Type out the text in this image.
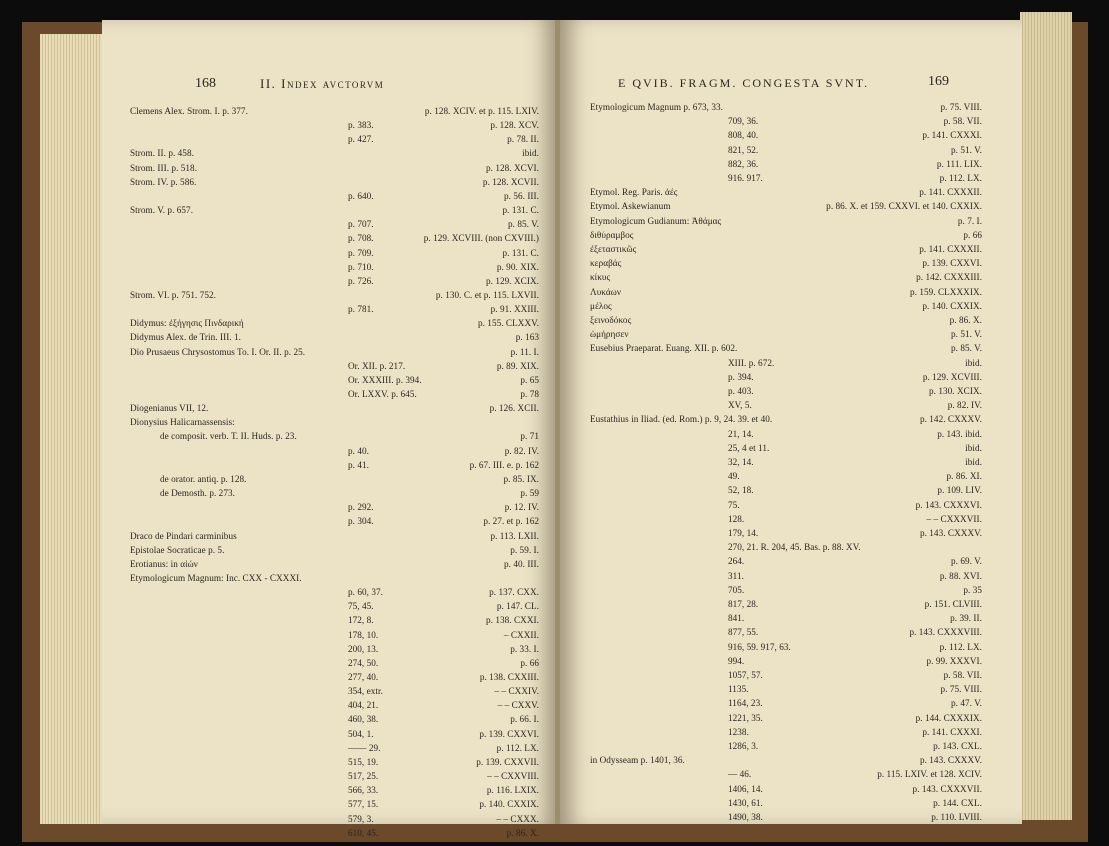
168	II. Index avctorvm
Clemens Alex. Strom. I. p. 377.	p. 128. XCIV. et p. 115. LXIV.
p. 383.	p. 128. XCV.
p. 427.	p. 78. II.
Strom. II. p. 458.	ibid.
Strom. III. p. 518.	p. 128. XCVI.
Strom. IV. p. 586.	p. 128. XCVII.
p. 640.	p. 56. III.
Strom. V. p. 657.	p. 131. C.
p. 707.	p. 85. V.
p. 708.	p. 129. XCVIII. (non CXVIII.)
p. 709.	p. 131. C.
p. 710.	p. 90. XIX.
p. 726.	p. 129. XCIX.
Strom. VI. p. 751. 752.	p. 130. C. et p. 115. LXVII.
p. 781.	p. 91. XXIII.
Didymus: ἐξήγησις Πινδαρική	p. 155. CLXXV.
Didymus Alex. de Trin. III. 1.	p. 163
Dio Prusaeus Chrysostomus To. I. Or. II. p. 25.	p. 11. I.
Or. XII. p. 217.	p. 89. XIX.
Or. XXXIII. p. 394.	p. 65
Or. LXXV. p. 645.	p. 78
Diogenianus VII, 12.	p. 126. XCII.
Dionysius Halicarnassensis:
de composit. verb. T. II. Huds. p. 23.	p. 71
p. 40.	p. 82. IV.
p. 41.	p. 67. III. e. p. 162
de orator. antiq. p. 128.	p. 85. IX.
de Demosth. p. 273.	p. 59
p. 292.	p. 12. IV.
p. 304.	p. 27. et p. 162
Draco de Pindari carminibus	p. 113. LXII.
Epistolae Socraticae p. 5.	p. 59. I.
Erotianus: in αἰών	p. 40. III.
Etymologicum Magnum: Inc. CXX - CXXXI.
p. 60, 37.	p. 137. CXX.
75, 45.	p. 147. CL.
172, 8.	p. 138. CXXI.
178, 10.	– CXXII.
200, 13.	p. 33. I.
274, 50.	p. 66
277, 40.	p. 138. CXXIII.
354, extr.	– – CXXIV.
404, 21.	– – CXXV.
460, 38.	p. 66. I.
504, 1.	p. 139. CXXVI.
—— 29.	p. 112. LX.
515, 19.	p. 139. CXXVII.
517, 25.	– – CXXVIII.
566, 33.	p. 116. LXIX.
577, 15.	p. 140. CXXIX.
579, 3.	– – CXXX.
610, 45.	p. 86. X.
E QVIB. FRAGM. CONGESTA SVNT.	169
Etymologicum Magnum p. 673, 33.	p. 75. VIII.
709, 36.	p. 58. VII.
808, 40.	p. 141. CXXXI.
821, 52.	p. 51. V.
882, 36.	p. 111. LIX.
916. 917.	p. 112. LX.
Etymol. Reg. Paris. ἀές	p. 141. CXXXII.
Etymol. Askewianum	p. 86. X. et 159. CXXVI. et 140. CXXIX.
Etymologicum Gudianum: Ἀθάμας	p. 7. I.
διθύραμβος	p. 66
ἐξεταστικῶς	p. 141. CXXXII.
κεραβάς	p. 139. CXXVI.
κίκυς	p. 142. CXXXIII.
Λυκάων	p. 159. CLXXXIX.
μέλος	p. 140. CXXIX.
ξεινοδόκος	p. 86. X.
ὡμήρησεν	p. 51. V.
Eusebius Praeparat. Euang. XII. p. 602.	p. 85. V.
XIII. p. 672.	ibid.
p. 394.	p. 129. XCVIII.
p. 403.	p. 130. XCIX.
XV, 5.	p. 82. IV.
Eustathius in Iliad. (ed. Rom.) p. 9, 24. 39. et 40.	p. 142. CXXXV.
21, 14.	p. 143. ibid.
25, 4 et 11.	ibid.
32, 14.	ibid.
49.	p. 86. XI.
52, 18.	p. 109. LIV.
75.	p. 143. CXXXVI.
128.	– – CXXXVII.
179, 14.	p. 143. CXXXV.
270, 21. R. 204, 45. Bas. p. 88. XV.
264.	p. 69. V.
311.	p. 88. XVI.
705.	p. 35
817, 28.	p. 151. CLVIII.
841.	p. 39. II.
877, 55.	p. 143. CXXXVIII.
916, 59. 917, 63.	p. 112. LX.
994.	p. 99. XXXVI.
1057, 57.	p. 58. VII.
1135.	p. 75. VIII.
1164, 23.	p. 47. V.
1221, 35.	p. 144. CXXXIX.
1238.	p. 141. CXXXI.
1286, 3.	p. 143. CXL.
in Odysseam p. 1401, 36.	p. 143. CXXXV.
— 46.	p. 115. LXIV. et 128. XCIV.
1406, 14.	p. 143. CXXXVII.
1430, 61.	p. 144. CXL.
1490, 38.	p. 110. LVIII.
